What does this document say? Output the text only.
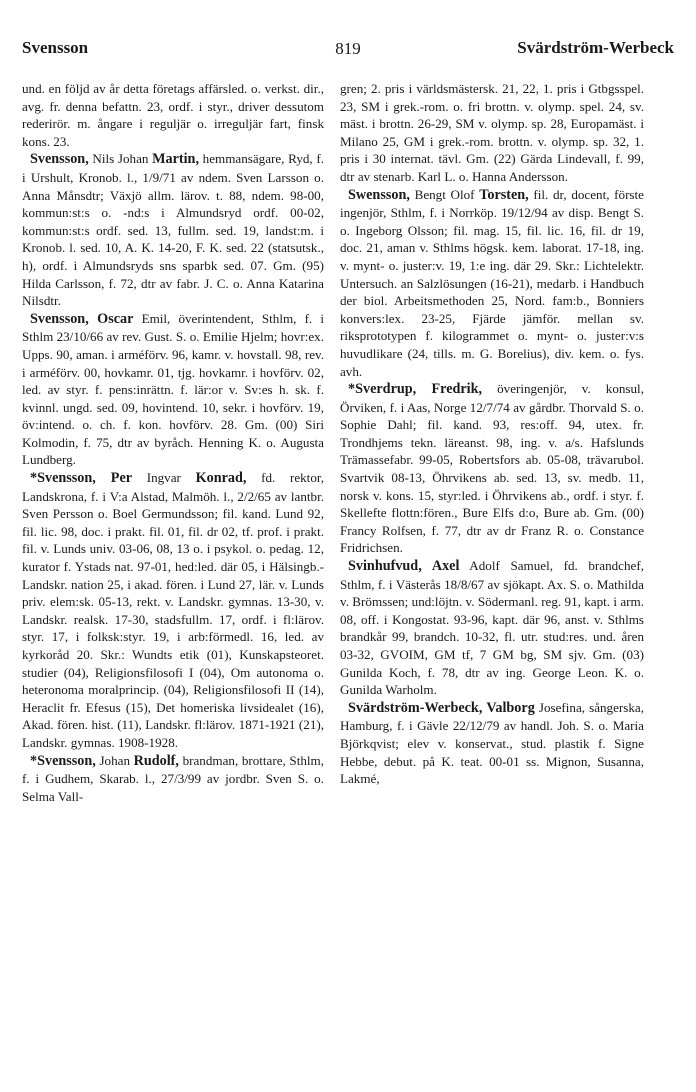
Svensson	819	Svärdström-Werbeck

und. en följd av år detta företags affärsled. o. verkst. dir., avg. fr. denna befattn. 23, ordf. i styr., driver dessutom rederirör. m. ångare i reguljär o. irreguljär fart, finsk kons. 23.

Svensson, Nils Johan Martin, hemmansägare, Ryd, f. i Urshult, Kronob. l., 1/9/71 av ndem. Sven Larsson o. Anna Månsdtr; Växjö allm. lärov. t. 88, ndem. 98-00, kommun:st:s o. -nd:s i Almundsryd ordf. 00-02, kommun:st:s ordf. sed. 13, fullm. sed. 19, landst:m. i Kronob. l. sed. 10, A. K. 14-20, F. K. sed. 22 (statsutsk., h), ordf. i Almundsryds sns sparbk sed. 07. Gm. (95) Hilda Carlsson, f. 72, dtr av fabr. J. C. o. Anna Katarina Nilsdtr.

Svensson, Oscar Emil, överintendent, Sthlm, f. i Sthlm 23/10/66 av rev. Gust. S. o. Emilie Hjelm; hovr:ex. Upps. 90, aman. i arméförv. 96, kamr. v. hovstall. 98, rev. i arméförv. 00, hovkamr. 01, tjg. hovkamr. i hovförv. 02, led. av styr. f. pens:inrättn. f. lär:or v. Sv:es h. sk. f. kvinnl. ungd. sed. 09, hovintend. 10, sekr. i hovförv. 19, öv:intend. o. ch. f. kon. hovförv. 28. Gm. (00) Siri Kolmodin, f. 75, dtr av byråch. Henning K. o. Augusta Lundberg.

*Svensson, Per Ingvar Konrad, fd. rektor, Landskrona, f. i V:a Alstad, Malmöh. l., 2/2/65 av lantbr. Sven Persson o. Boel Germundsson; fil. kand. Lund 92, fil. lic. 98, doc. i prakt. fil. 01, fil. dr 02, tf. prof. i prakt. fil. v. Lunds univ. 03-06, 08, 13 o. i psykol. o. pedag. 12, kurator f. Ystads nat. 97-01, hed:led. där 05, i Hälsingb.-Landskr. nation 25, i akad. fören. i Lund 27, lär. v. Lunds priv. elem:sk. 05-13, rekt. v. Landskr. gymnas. 13-30, v. Landskr. realsk. 17-30, stadsfullm. 17, ordf. i fl:lärov. styr. 17, i folksk:styr. 19, i arb:förmedl. 16, led. av kyrkoråd 20. Skr.: Wundts etik (01), Kunskapsteoret. studier (04), Religionsfilosofi I (04), Om autonoma o. heteronoma moralprincip. (04), Religionsfilosofi II (14), Heraclit fr. Efesus (15), Det homeriska livsidealet (16), Akad. fören. hist. (11), Landskr. fl:lärov. 1871-1921 (21), Landskr. gymnas. 1908-1928.

*Svensson, Johan Rudolf, brandman, brottare, Sthlm, f. i Gudhem, Skarab. l., 27/3/99 av jordbr. Sven S. o. Selma Vall-

gren; 2. pris i världsmästersk. 21, 22, 1. pris i Gtbgsspel. 23, SM i grek.-rom. o. fri brottn. v. olymp. spel. 24, sv. mäst. i brottn. 26-29, SM v. olymp. sp. 28, Europamäst. i Milano 25, GM i grek.-rom. brottn. v. olymp. sp. 32, 1. pris i 30 internat. tävl. Gm. (22) Gärda Lindevall, f. 99, dtr av stenarb. Karl L. o. Hanna Andersson.

Swensson, Bengt Olof Torsten, fil. dr, docent, förste ingenjör, Sthlm, f. i Norrköp. 19/12/94 av disp. Bengt S. o. Ingeborg Olsson; fil. mag. 15, fil. lic. 16, fil. dr 19, doc. 21, aman v. Sthlms högsk. kem. laborat. 17-18, ing. v. mynt- o. juster:v. 19, 1:e ing. där 29. Skr.: Lichtelektr. Untersuch. an Salzlösungen (16-21), medarb. i Handbuch der biol. Arbeitsmethoden 25, Nord. fam:b., Bonniers konvers:lex. 23-25, Fjärde jämför. mellan sv. riksprototypen f. kilogrammet o. mynt- o. juster:v:s huvudlikare (24, tills. m. G. Borelius), div. kem. o. fys. avh.

*Sverdrup, Fredrik, överingenjör, v. konsul, Örviken, f. i Aas, Norge 12/7/74 av gårdbr. Thorvald S. o. Sophie Dahl; fil. kand. 93, res:off. 94, utex. fr. Trondhjems tekn. läreanst. 98, ing. v. a/s. Hafslunds Trämassefabr. 99-05, Robertsfors ab. 05-08, trävarubol. Svartvik 08-13, Öhrvikens ab. sed. 13, sv. medb. 11, norsk v. kons. 15, styr:led. i Öhrvikens ab., ordf. i styr. f. Skellefte flottn:fören., Bure Elfs d:o, Bure ab. Gm. (00) Francy Rolfsen, f. 77, dtr av dr Franz R. o. Constance Fridrichsen.

Svinhufvud, Axel Adolf Samuel, fd. brandchef, Sthlm, f. i Västerås 18/8/67 av sjökapt. Ax. S. o. Mathilda v. Brömssen; und:löjtn. v. Södermanl. reg. 91, kapt. i arm. 08, off. i Kongostat. 93-96, kapt. där 96, anst. v. Sthlms brandkår 99, brandch. 10-32, fl. utr. stud:res. und. åren 03-32, GVOIM, GM tf, 7 GM bg, SM sjv. Gm. (03) Gunilda Koch, f. 78, dtr av ing. George Leon. K. o. Gunilda Warholm.

Svärdström-Werbeck, Valborg Josefina, sångerska, Hamburg, f. i Gävle 22/12/79 av handl. Joh. S. o. Maria Björkqvist; elev v. konservat., stud. plastik f. Signe Hebbe, debut. på K. teat. 00-01 ss. Mignon, Susanna, Lakmé,
